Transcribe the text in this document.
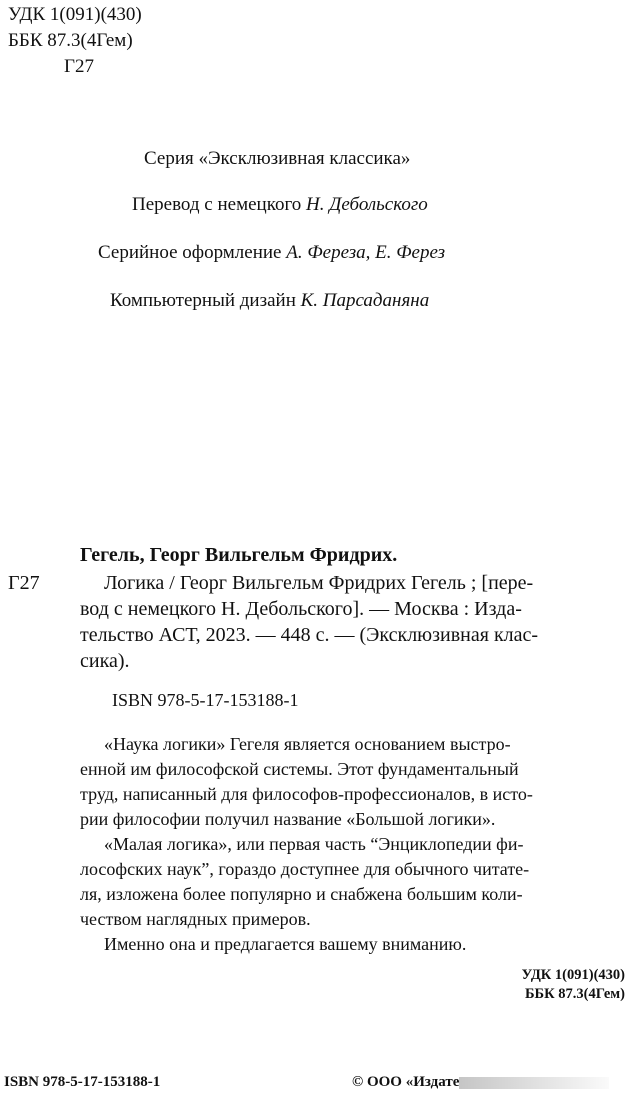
УДК 1(091)(430)
ББК 87.3(4Гем)
Г27
Серия «Эксклюзивная классика»
Перевод с немецкого Н. Дебольского
Серийное оформление А. Фереза, Е. Ферез
Компьютерный дизайн К. Парсаданяна
Гегель, Георг Вильгельм Фридрих.
Г27	Логика / Георг Вильгельм Фридрих Гегель ; [пере-
вод с немецкого Н. Дебольского]. — Москва : Изда-
тельство АСТ, 2023. — 448 с. — (Эксклюзивная клас-
сика).
ISBN 978-5-17-153188-1
«Наука логики» Гегеля является основанием выстро-
енной им философской системы. Этот фундаментальный
труд, написанный для философов-профессионалов, в исто-
рии философии получил название «Большой логики».
«Малая логика», или первая часть “Энциклопедии фи-
лософских наук”, гораздо доступнее для обычного читате-
ля, изложена более популярно и снабжена большим коли-
чеством наглядных примеров.
Именно она и предлагается вашему вниманию.
УДК 1(091)(430)
ББК 87.3(4Гем)
ISBN 978-5-17-153188-1	© ООО «Издате
